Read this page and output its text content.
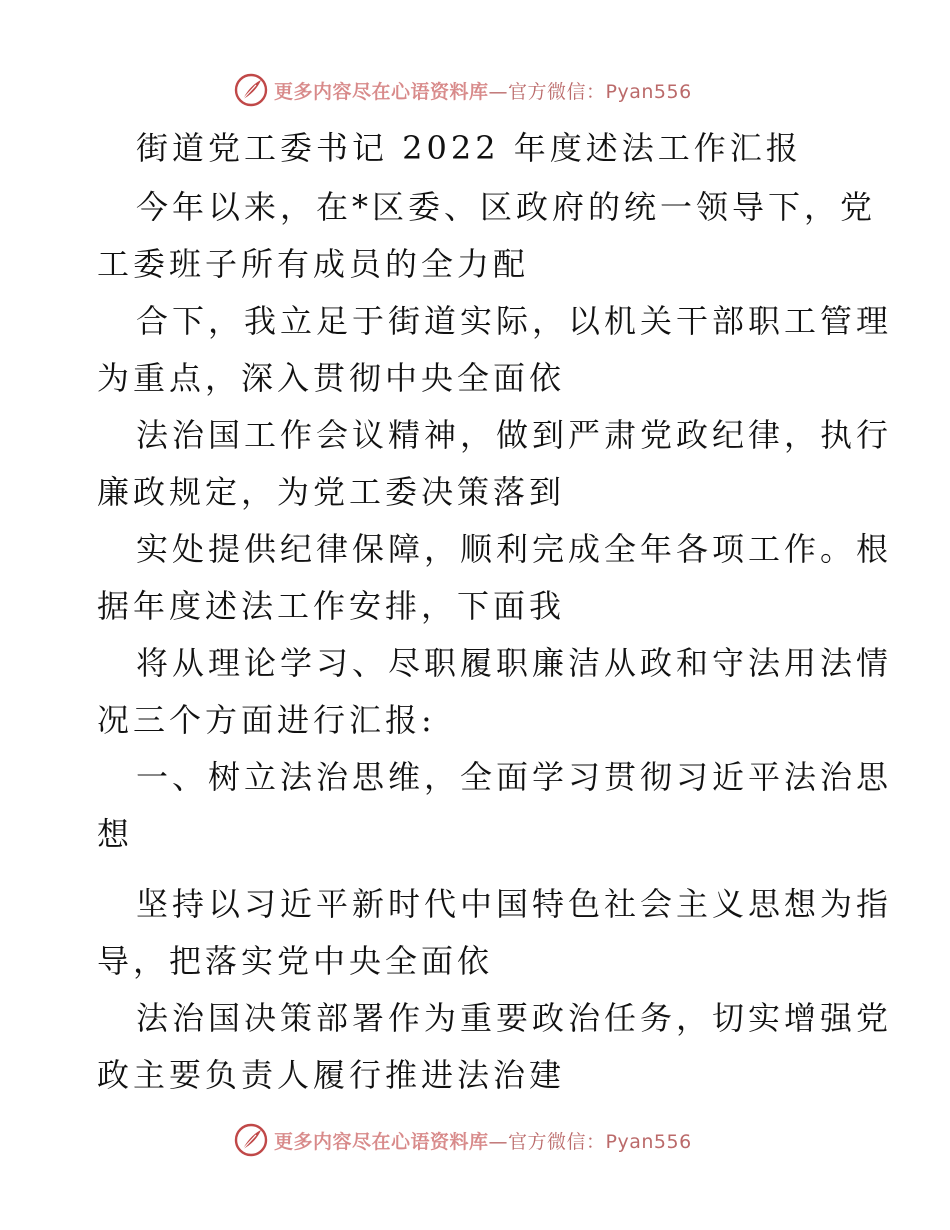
更多内容尽在心语资料库—官方微信：Pyan556
街道党工委书记 2022 年度述法工作汇报
今年以来，在*区委、区政府的统一领导下，党
工委班子所有成员的全力配
合下，我立足于街道实际，以机关干部职工管理
为重点，深入贯彻中央全面依
法治国工作会议精神，做到严肃党政纪律，执行
廉政规定，为党工委决策落到
实处提供纪律保障，顺利完成全年各项工作。根
据年度述法工作安排，下面我
将从理论学习、尽职履职廉洁从政和守法用法情
况三个方面进行汇报:
一、树立法治思维，全面学习贯彻习近平法治思
想
坚持以习近平新时代中国特色社会主义思想为指
导，把落实党中央全面依
法治国决策部署作为重要政治任务，切实增强党
政主要负责人履行推进法治建
更多内容尽在心语资料库—官方微信：Pyan556
